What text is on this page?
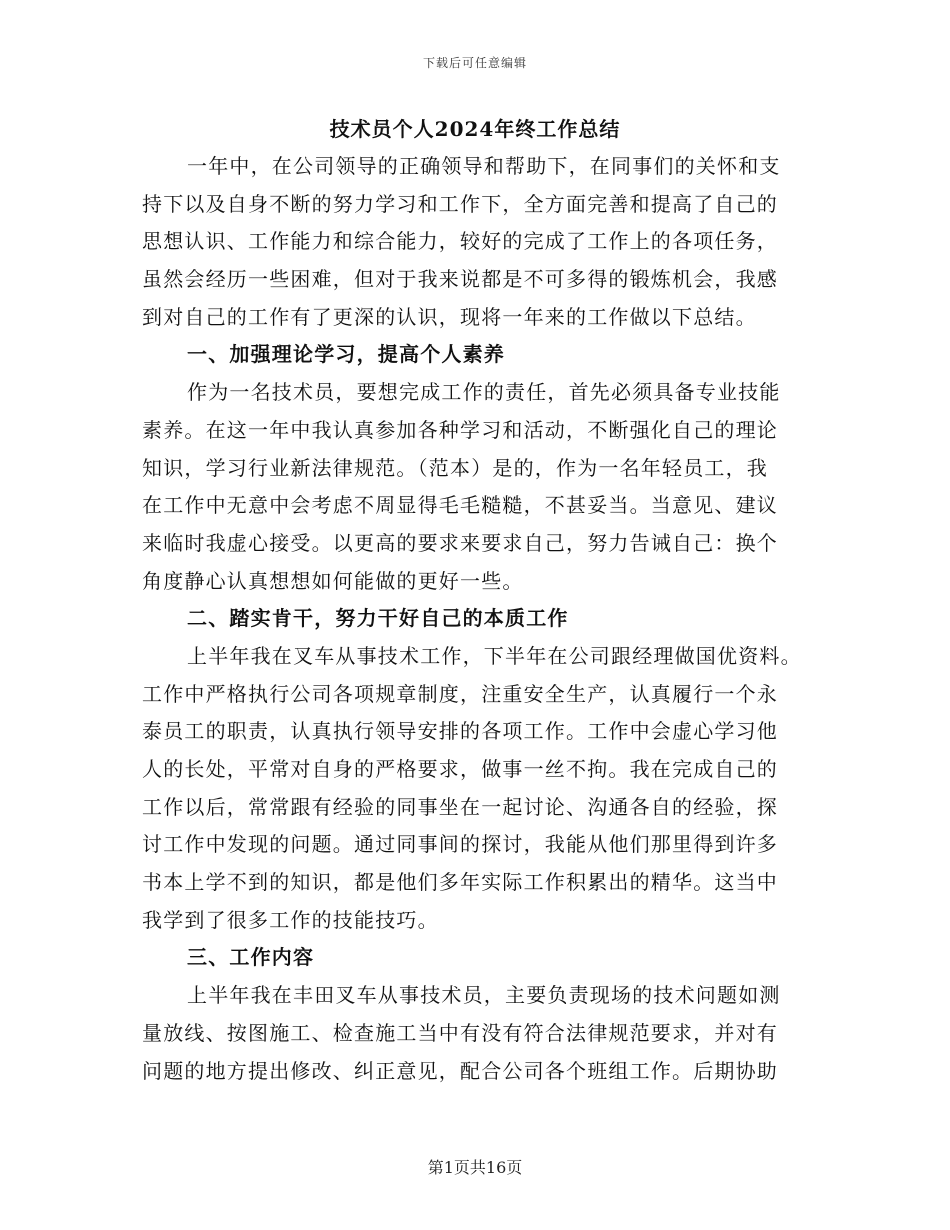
下载后可任意编辑
技术员个人2024年终工作总结
一年中，在公司领导的正确领导和帮助下，在同事们的关怀和支
持下以及自身不断的努力学习和工作下，全方面完善和提高了自己的
思想认识、工作能力和综合能力，较好的完成了工作上的各项任务，
虽然会经历一些困难，但对于我来说都是不可多得的锻炼机会，我感
到对自己的工作有了更深的认识，现将一年来的工作做以下总结。
一、加强理论学习，提高个人素养
作为一名技术员，要想完成工作的责任，首先必须具备专业技能
素养。在这一年中我认真参加各种学习和活动，不断强化自己的理论
知识，学习行业新法律规范。（范本）是的，作为一名年轻员工，我
在工作中无意中会考虑不周显得毛毛糙糙，不甚妥当。当意见、建议
来临时我虚心接受。以更高的要求来要求自己，努力告诫自己：换个
角度静心认真想想如何能做的更好一些。
二、踏实肯干，努力干好自己的本质工作
上半年我在叉车从事技术工作，下半年在公司跟经理做国优资料。
工作中严格执行公司各项规章制度，注重安全生产，认真履行一个永
泰员工的职责，认真执行领导安排的各项工作。工作中会虚心学习他
人的长处，平常对自身的严格要求，做事一丝不拘。我在完成自己的
工作以后，常常跟有经验的同事坐在一起讨论、沟通各自的经验，探
讨工作中发现的问题。通过同事间的探讨，我能从他们那里得到许多
书本上学不到的知识，都是他们多年实际工作积累出的精华。这当中
我学到了很多工作的技能技巧。
三、工作内容
上半年我在丰田叉车从事技术员，主要负责现场的技术问题如测
量放线、按图施工、检查施工当中有没有符合法律规范要求，并对有
问题的地方提出修改、纠正意见，配合公司各个班组工作。后期协助
第1页共16页
